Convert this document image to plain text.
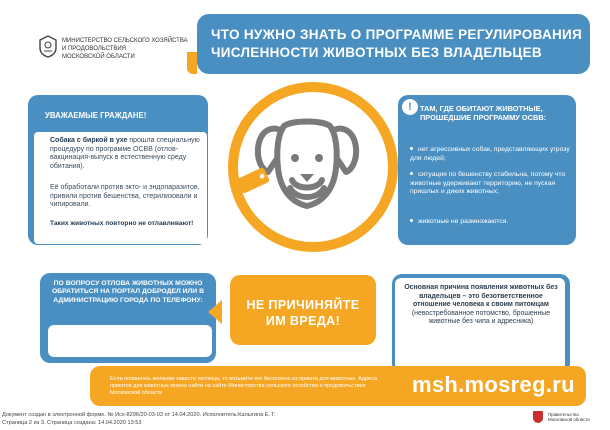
МИНИСТЕРСТВО СЕЛЬСКОГО ХОЗЯЙСТВА
И ПРОДОВОЛЬСТВИЯ
МОСКОВСКОЙ ОБЛАСТИ
ЧТО НУЖНО ЗНАТЬ О ПРОГРАММЕ РЕГУЛИРОВАНИЯ
ЧИСЛЕННОСТИ ЖИВОТНЫХ БЕЗ ВЛАДЕЛЬЦЕВ
УВАЖАЕМЫЕ ГРАЖДАНЕ!
Собака с биркой в ухе прошла специальную процедуру по программе ОСВВ (отлов-вакцинация-выпуск в естественную среду обитания).
Её обработали против экто- и эндопаразитов, привили против бешенства, стерилизовали и чипировали.
Таких животных повторно не отлавливают!
!	ТАМ, ГДЕ ОБИТАЮТ ЖИВОТНЫЕ, ПРОШЕДШИЕ ПРОГРАММУ ОСВВ:
нет агрессивных собак, представляющих угрозу для людей;
ситуация по бешенству стабильна, потому что животные удерживают территорию, не пуская пришлых и диких животных;
животные не размножаются.
ПО ВОПРОСУ ОТЛОВА ЖИВОТНЫХ МОЖНО ОБРАТИТЬСЯ НА ПОРТАЛ ДОБРОДЕЛ ИЛИ В АДМИНИСТРАЦИЮ ГОРОДА ПО ТЕЛЕФОНУ:	НЕ ПРИЧИНЯЙТЕ
ИМ ВРЕДА!
Основная причина появления животных без владельцев – это безответственное отношение человека к своим питомцам (невостребованное потомство, брошенные животные без чипа и адресника)
Если появилось желание завести питомца, то возьмите его бесплатно из приюта для животных. Адреса приютов для животных можно найти на сайте Министерства сельского хозяйства и продовольствия Московской области	msh.mosreg.ru
Документ создан в электронной форме. № Исх-8296/20-03-03 от 14.04.2020. Исполнитель:Калыгина Е. Г.
Страница 2 из 3. Страница создана: 14.04.2020 13:53
Правительство Московской области
